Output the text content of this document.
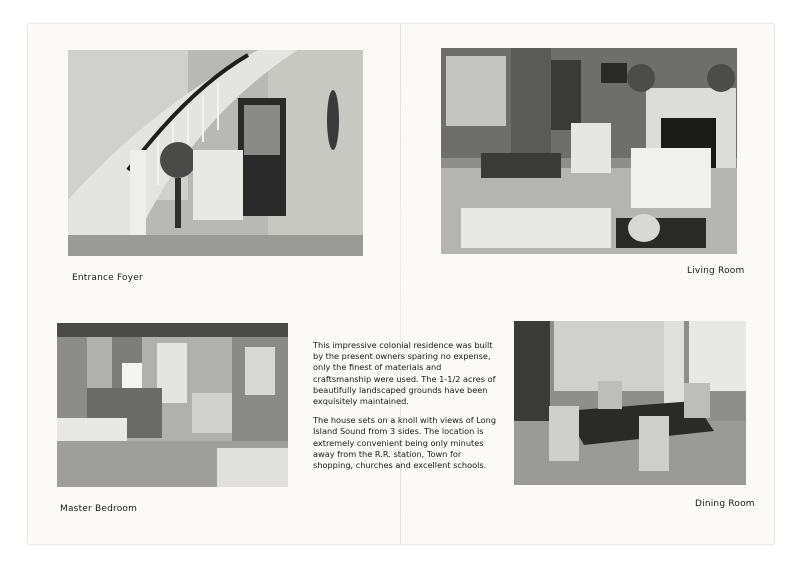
Entrance Foyer
Living Room
Master Bedroom	Dining Room

This impressive colonial residence was built by the present owners sparing no expense, only the finest of materials and craftsmanship were used. The 1-1/2 acres of beautifully landscaped grounds have been exquisitely maintained.

The house sets on a knoll with views of Long Island Sound from 3 sides. The location is extremely convenient being only minutes away from the R.R. station, Town for shopping, churches and excellent schools.
